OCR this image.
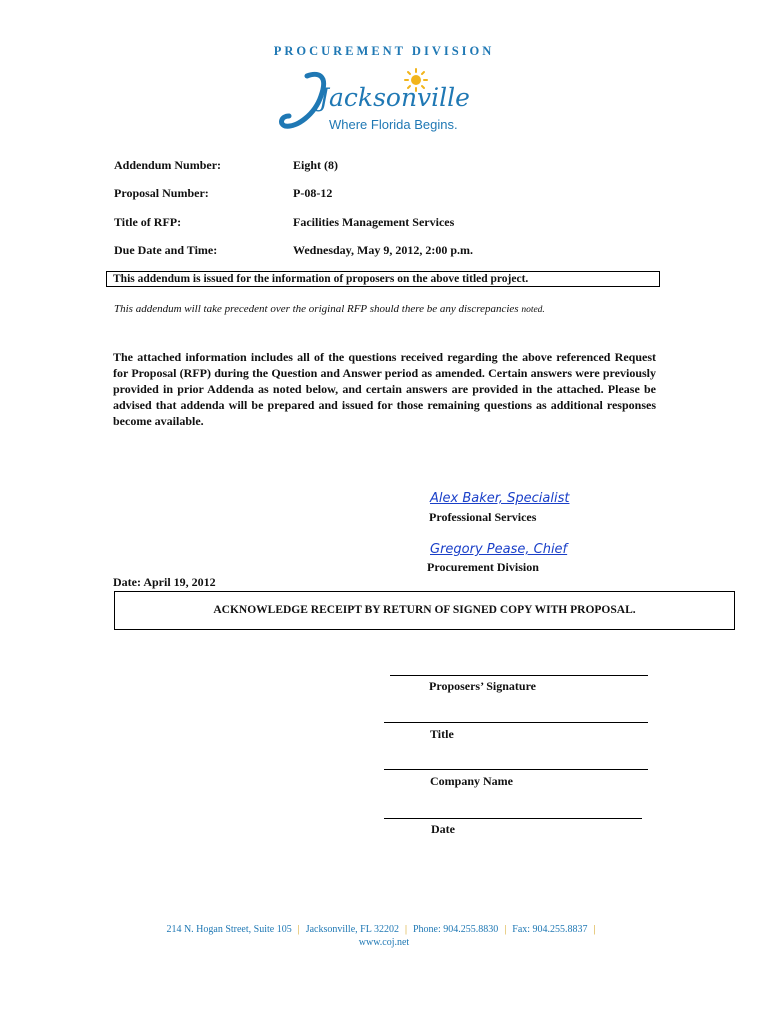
PROCUREMENT DIVISION
Jacksonville
Where Florida Begins.
Addendum Number:	Eight (8)
Proposal Number:	P-08-12
Title of RFP:	Facilities Management Services
Due Date and Time:	Wednesday, May 9, 2012, 2:00 p.m.
This addendum is issued for the information of proposers on the above titled project.
This addendum will take precedent over the original RFP should there be any discrepancies noted.
The attached information includes all of the questions received regarding the above referenced Request for Proposal (RFP) during the Question and Answer period as amended. Certain answers were previously provided in prior Addenda as noted below, and certain answers are provided in the attached. Please be advised that addenda will be prepared and issued for those remaining questions as additional responses become available.
Alex Baker, Specialist
Professional Services
Gregory Pease, Chief
Procurement Division
Date: April 19, 2012
ACKNOWLEDGE RECEIPT BY RETURN OF SIGNED COPY WITH PROPOSAL.
Proposers’ Signature
Title
Company Name
Date
214 N. Hogan Street, Suite 105 | Jacksonville, FL 32202 | Phone: 904.255.8830 | Fax: 904.255.8837 |
www.coj.net
